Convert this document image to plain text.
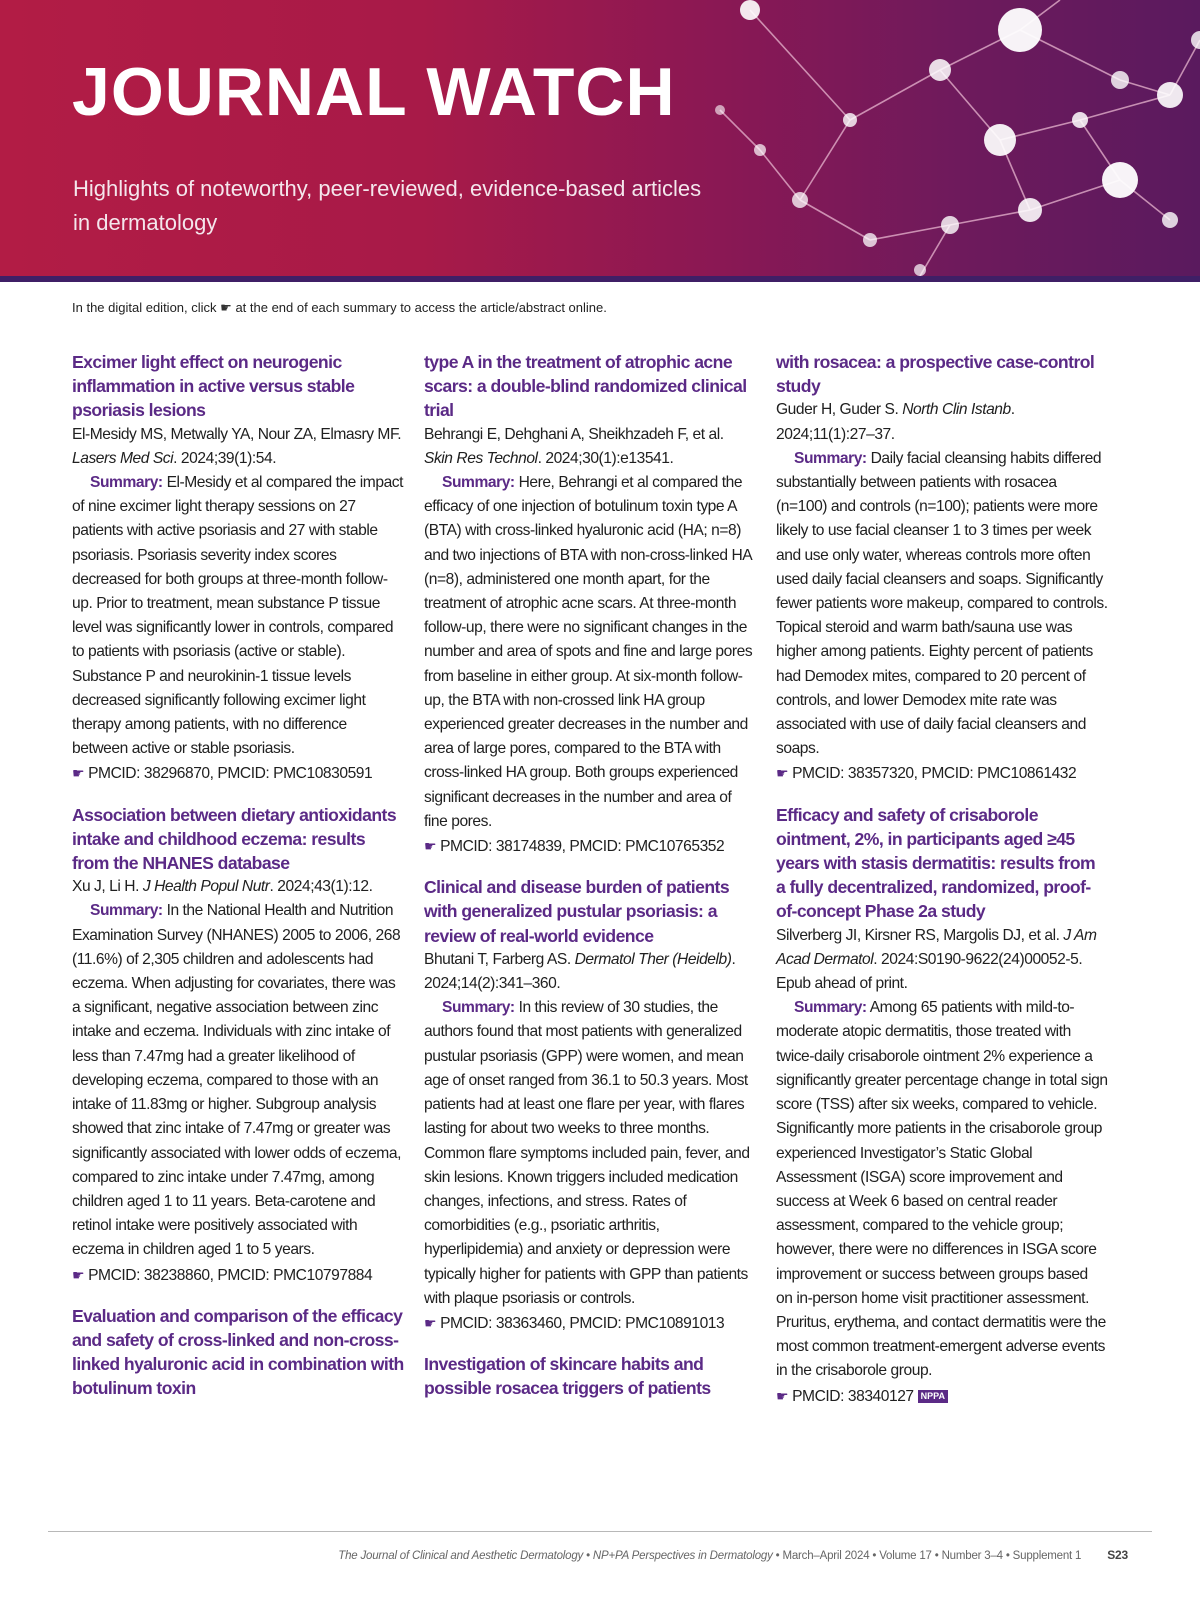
JOURNAL WATCH
Highlights of noteworthy, peer-reviewed, evidence-based articles in dermatology
In the digital edition, click ☛ at the end of each summary to access the article/abstract online.
Excimer light effect on neurogenic inflammation in active versus stable psoriasis lesions

El-Mesidy MS, Metwally YA, Nour ZA, Elmasry MF. Lasers Med Sci. 2024;39(1):54.

Summary: El-Mesidy et al compared the impact of nine excimer light therapy sessions on 27 patients with active psoriasis and 27 with stable psoriasis. Psoriasis severity index scores decreased for both groups at three-month follow-up. Prior to treatment, mean substance P tissue level was significantly lower in controls, compared to patients with psoriasis (active or stable). Substance P and neurokinin-1 tissue levels decreased significantly following excimer light therapy among patients, with no difference between active or stable psoriasis.

☛ PMCID: 38296870, PMCID: PMC10830591

Association between dietary antioxidants intake and childhood eczema: results from the NHANES database

Xu J, Li H. J Health Popul Nutr. 2024;43(1):12.

Summary: In the National Health and Nutrition Examination Survey (NHANES) 2005 to 2006, 268 (11.6%) of 2,305 children and adolescents had eczema. When adjusting for covariates, there was a significant, negative association between zinc intake and eczema. Individuals with zinc intake of less than 7.47mg had a greater likelihood of developing eczema, compared to those with an intake of 11.83mg or higher. Subgroup analysis showed that zinc intake of 7.47mg or greater was significantly associated with lower odds of eczema, compared to zinc intake under 7.47mg, among children aged 1 to 11 years. Beta-carotene and retinol intake were positively associated with eczema in children aged 1 to 5 years.

☛ PMCID: 38238860, PMCID: PMC10797884

Evaluation and comparison of the efficacy and safety of cross-linked and non-cross-linked hyaluronic acid in combination with botulinum toxin
type A in the treatment of atrophic acne scars: a double-blind randomized clinical trial

Behrangi E, Dehghani A, Sheikhzadeh F, et al. Skin Res Technol. 2024;30(1):e13541.

Summary: Here, Behrangi et al compared the efficacy of one injection of botulinum toxin type A (BTA) with cross-linked hyaluronic acid (HA; n=8) and two injections of BTA with non-cross-linked HA (n=8), administered one month apart, for the treatment of atrophic acne scars. At three-month follow-up, there were no significant changes in the number and area of spots and fine and large pores from baseline in either group. At six-month follow-up, the BTA with non-crossed link HA group experienced greater decreases in the number and area of large pores, compared to the BTA with cross-linked HA group. Both groups experienced significant decreases in the number and area of fine pores.

☛ PMCID: 38174839, PMCID: PMC10765352

Clinical and disease burden of patients with generalized pustular psoriasis: a review of real-world evidence

Bhutani T, Farberg AS. Dermatol Ther (Heidelb). 2024;14(2):341–360.

Summary: In this review of 30 studies, the authors found that most patients with generalized pustular psoriasis (GPP) were women, and mean age of onset ranged from 36.1 to 50.3 years. Most patients had at least one flare per year, with flares lasting for about two weeks to three months. Common flare symptoms included pain, fever, and skin lesions. Known triggers included medication changes, infections, and stress. Rates of comorbidities (e.g., psoriatic arthritis, hyperlipidemia) and anxiety or depression were typically higher for patients with GPP than patients with plaque psoriasis or controls.

☛ PMCID: 38363460, PMCID: PMC10891013

Investigation of skincare habits and possible rosacea triggers of patients
with rosacea: a prospective case-control study

Guder H, Guder S. North Clin Istanb. 2024;11(1):27–37.

Summary: Daily facial cleansing habits differed substantially between patients with rosacea (n=100) and controls (n=100); patients were more likely to use facial cleanser 1 to 3 times per week and use only water, whereas controls more often used daily facial cleansers and soaps. Significantly fewer patients wore makeup, compared to controls. Topical steroid and warm bath/sauna use was higher among patients. Eighty percent of patients had Demodex mites, compared to 20 percent of controls, and lower Demodex mite rate was associated with use of daily facial cleansers and soaps.

☛ PMCID: 38357320, PMCID: PMC10861432

Efficacy and safety of crisaborole ointment, 2%, in participants aged ≥45 years with stasis dermatitis: results from a fully decentralized, randomized, proof-of-concept Phase 2a study

Silverberg JI, Kirsner RS, Margolis DJ, et al. J Am Acad Dermatol. 2024:S0190-9622(24)00052-5. Epub ahead of print.

Summary: Among 65 patients with mild-to-moderate atopic dermatitis, those treated with twice-daily crisaborole ointment 2% experience a significantly greater percentage change in total sign score (TSS) after six weeks, compared to vehicle. Significantly more patients in the crisaborole group experienced Investigator’s Static Global Assessment (ISGA) score improvement and success at Week 6 based on central reader assessment, compared to the vehicle group; however, there were no differences in ISGA score improvement or success between groups based on in-person home visit practitioner assessment. Pruritus, erythema, and contact dermatitis were the most common treatment-emergent adverse events in the crisaborole group.

☛ PMCID: 38340127 NPPA

The Journal of Clinical and Aesthetic Dermatology • NP+PA Perspectives in Dermatology • March–April 2024 • Volume 17 • Number 3–4 • Supplement 1 S23
